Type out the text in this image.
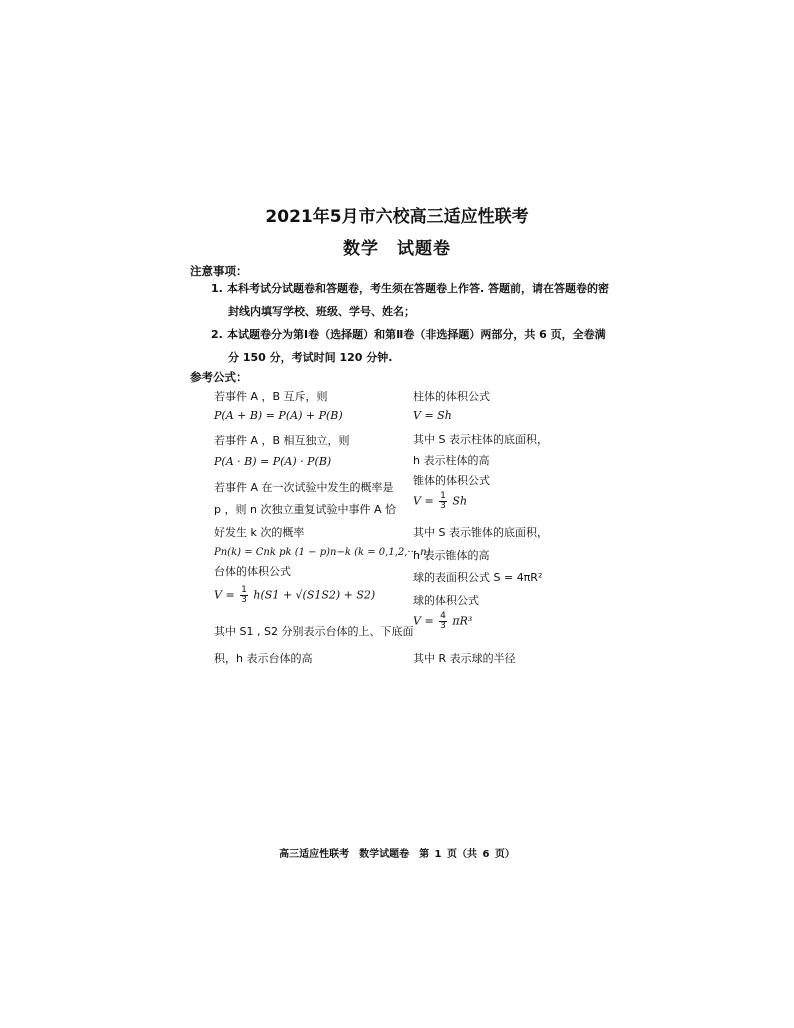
2021年5月市六校高三适应性联考
数学　试题卷
注意事项：
1. 本科考试分试题卷和答题卷，考生须在答题卷上作答. 答题前，请在答题卷的密
封线内填写学校、班级、学号、姓名；
2. 本试题卷分为第Ⅰ卷（选择题）和第Ⅱ卷（非选择题）两部分，共 6 页，全卷满
分 150 分，考试时间 120 分钟.
参考公式：
若事件 A ，B 互斥，则
P(A + B) = P(A) + P(B)
若事件 A ，B 相互独立，则
P(A · B) = P(A) · P(B)
若事件 A 在一次试验中发生的概率是
p ，则 n 次独立重复试验中事件 A 恰
好发生 k 次的概率
Pn(k) = Cnk pk (1 − p)n−k (k = 0,1,2,···,n)
台体的体积公式
$V = \frac{1}{3} h(S1 + √(S1S2) + S2)$
其中 S1 , S2 分别表示台体的上、下底面
积，h 表示台体的高
柱体的体积公式
V = Sh
其中 S 表示柱体的底面积，
h 表示柱体的高
锥体的体积公式
$V = \frac{1}{3}$ Sh
其中 S 表示锥体的底面积，
h 表示锥体的高
球的表面积公式 S = 4πR²
球的体积公式
$V = \frac{4}{3} \pi R^3$
其中 R 表示球的半径
高三适应性联考　数学试题卷　第 1 页（共 6 页）
